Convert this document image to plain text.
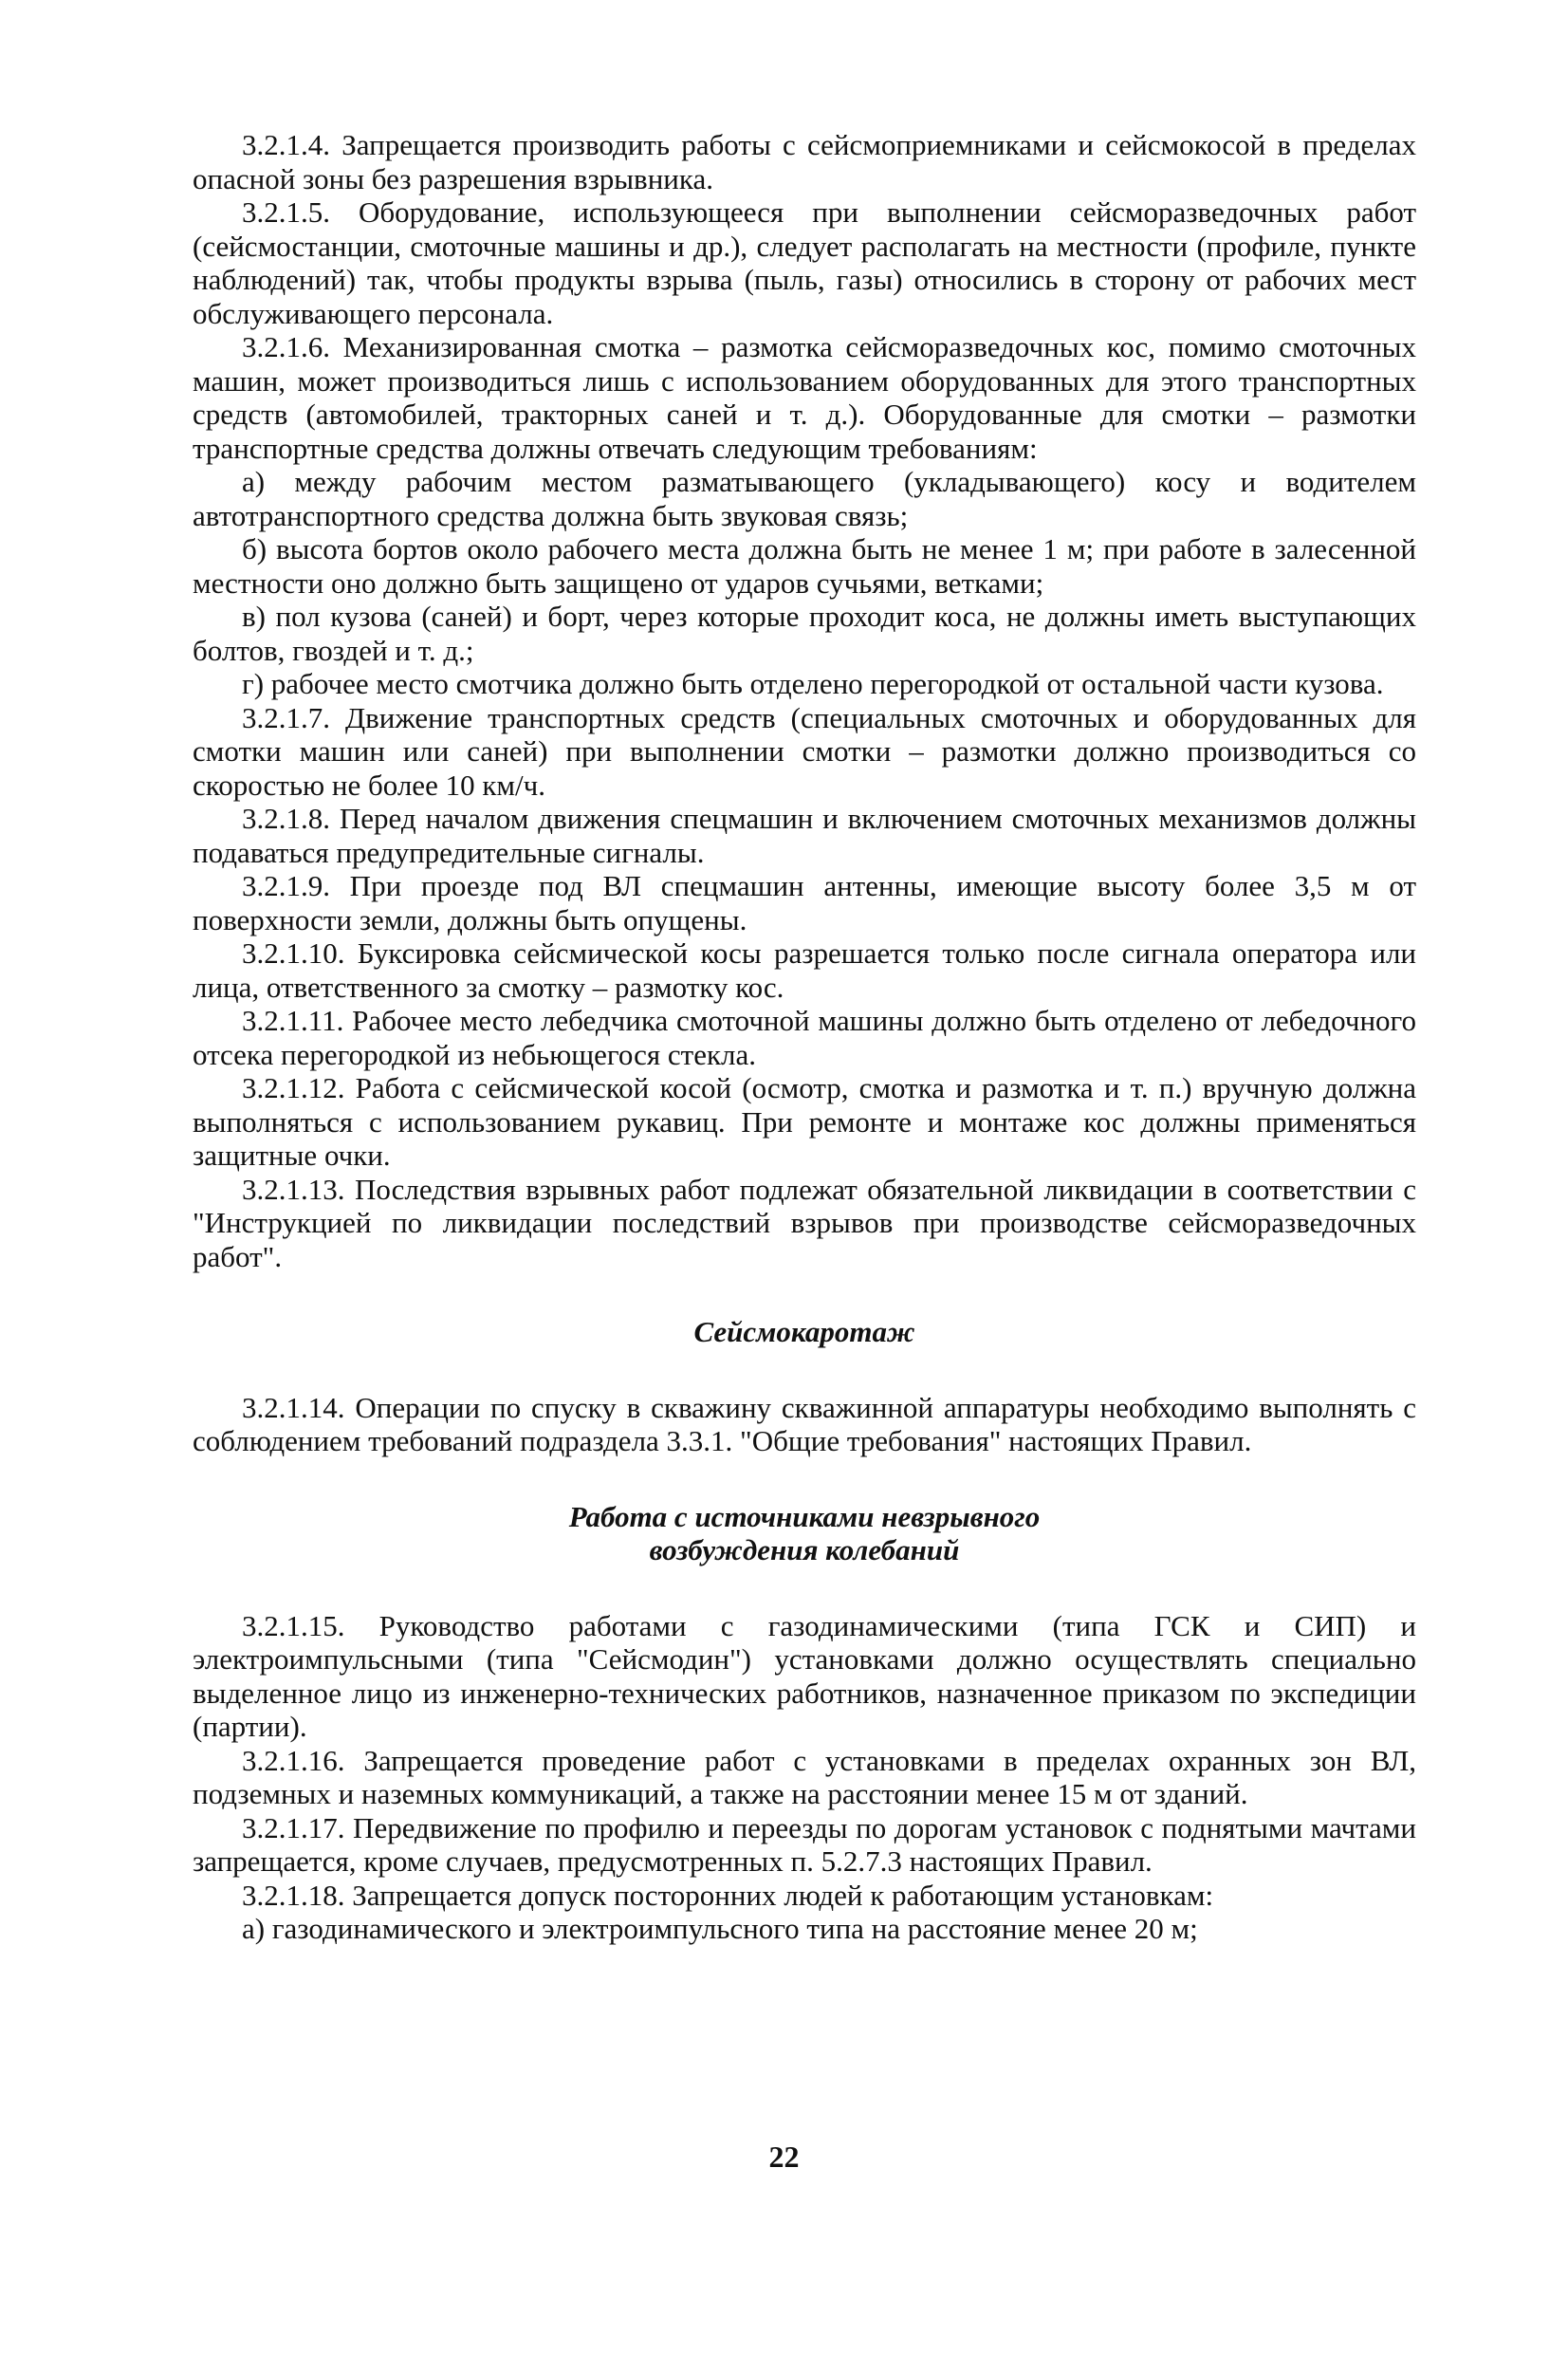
3.2.1.4. Запрещается производить работы с сейсмоприемниками и сейсмокосой в пределах опасной зоны без разрешения взрывника.

3.2.1.5. Оборудование, использующееся при выполнении сейсморазведочных работ (сейсмостанции, смоточные машины и др.), следует располагать на местности (профиле, пункте наблюдений) так, чтобы продукты взрыва (пыль, газы) относились в сторону от рабочих мест обслуживающего персонала.

3.2.1.6. Механизированная смотка – размотка сейсморазведочных кос, помимо смоточных машин, может производиться лишь с использованием оборудованных для этого транспортных средств (автомобилей, тракторных саней и т. д.). Оборудованные для смотки – размотки транспортные средства должны отвечать следующим требованиям:

а) между рабочим местом разматывающего (укладывающего) косу и водителем автотранспортного средства должна быть звуковая связь;

б) высота бортов около рабочего места должна быть не менее 1 м; при работе в залесенной местности оно должно быть защищено от ударов сучьями, ветками;

в) пол кузова (саней) и борт, через которые проходит коса, не должны иметь выступающих болтов, гвоздей и т. д.;

г) рабочее место смотчика должно быть отделено перегородкой от остальной части кузова.

3.2.1.7. Движение транспортных средств (специальных смоточных и оборудованных для смотки машин или саней) при выполнении смотки – размотки должно производиться со скоростью не более 10 км/ч.

3.2.1.8. Перед началом движения спецмашин и включением смоточных механизмов должны подаваться предупредительные сигналы.

3.2.1.9. При проезде под ВЛ спецмашин антенны, имеющие высоту более 3,5 м от поверхности земли, должны быть опущены.

3.2.1.10. Буксировка сейсмической косы разрешается только после сигнала оператора или лица, ответственного за смотку – размотку кос.

3.2.1.11. Рабочее место лебедчика смоточной машины должно быть отделено от лебедочного отсека перегородкой из небьющегося стекла.

3.2.1.12. Работа с сейсмической косой (осмотр, смотка и размотка и т. п.) вручную должна выполняться с использованием рукавиц. При ремонте и монтаже кос должны применяться защитные очки.

3.2.1.13. Последствия взрывных работ подлежат обязательной ликвидации в соответствии с "Инструкцией по ликвидации последствий взрывов при производстве сейсморазведочных работ".

Сейсмокаротаж

3.2.1.14. Операции по спуску в скважину скважинной аппаратуры необходимо выполнять с соблюдением требований подраздела 3.3.1. "Общие требования" настоящих Правил.

Работа с источниками невзрывного

возбуждения колебаний

3.2.1.15. Руководство работами с газодинамическими (типа ГСК и СИП) и электроимпульсными (типа "Сейсмодин") установками должно осуществлять специально выделенное лицо из инженерно-технических работников, назначенное приказом по экспедиции (партии).

3.2.1.16. Запрещается проведение работ с установками в пределах охранных зон ВЛ, подземных и наземных коммуникаций, а также на расстоянии менее 15 м от зданий.

3.2.1.17. Передвижение по профилю и переезды по дорогам установок с поднятыми мачтами запрещается, кроме случаев, предусмотренных п. 5.2.7.3 настоящих Правил.

3.2.1.18. Запрещается допуск посторонних людей к работающим установкам:

а) газодинамического и электроимпульсного типа на расстояние менее 20 м;

22
